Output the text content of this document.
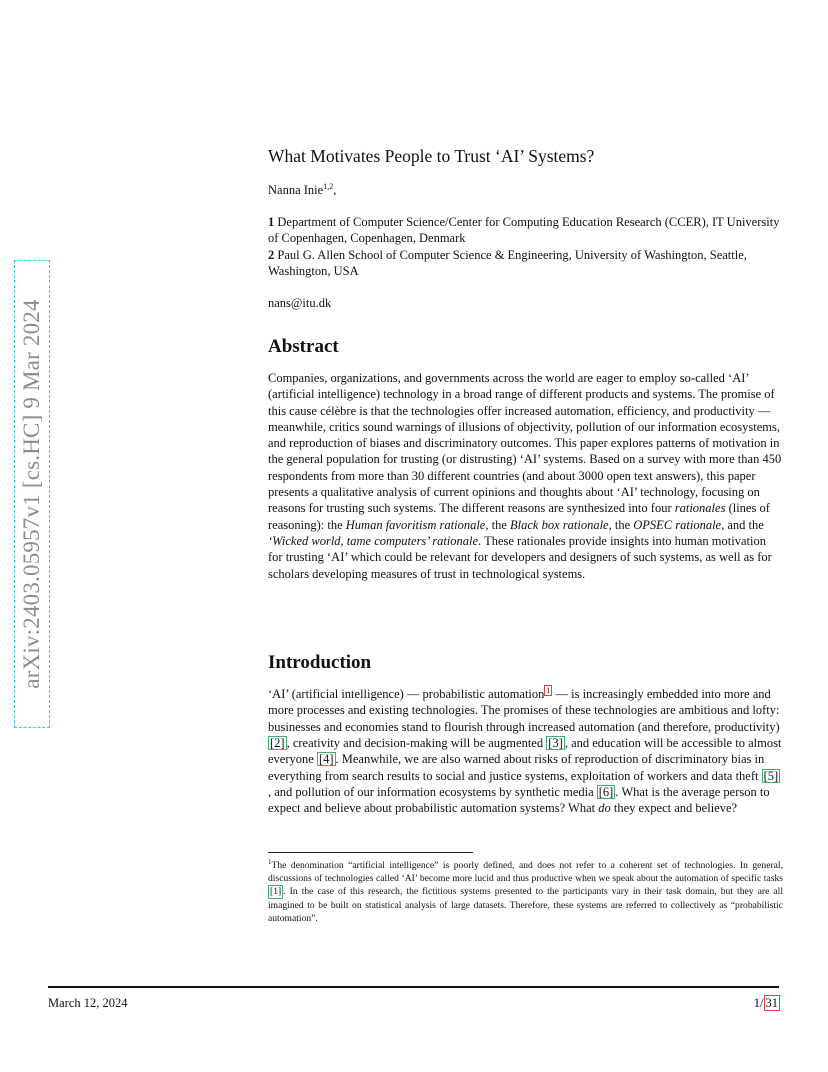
arXiv:2403.05957v1 [cs.HC] 9 Mar 2024
What Motivates People to Trust ‘AI’ Systems?
Nanna Inie$^{1,2}$,
1 Department of Computer Science/Center for Computing Education Research (CCER), IT University of Copenhagen, Copenhagen, Denmark
2 Paul G. Allen School of Computer Science & Engineering, University of Washington, Seattle, Washington, USA
nans@itu.dk
Abstract

Companies, organizations, and governments across the world are eager to employ so-called ‘AI’ (artificial intelligence) technology in a broad range of different products and systems. The promise of this cause célèbre is that the technologies offer increased automation, efficiency, and productivity — meanwhile, critics sound warnings of illusions of objectivity, pollution of our information ecosystems, and reproduction of biases and discriminatory outcomes. This paper explores patterns of motivation in the general population for trusting (or distrusting) ‘AI’ systems. Based on a survey with more than 450 respondents from more than 30 different countries (and about 3000 open text answers), this paper presents a qualitative analysis of current opinions and thoughts about ‘AI’ technology, focusing on reasons for trusting such systems. The different reasons are synthesized into four rationales (lines of reasoning): the Human favoritism rationale, the Black box rationale, the OPSEC rationale, and the ‘Wicked world, tame computers’ rationale. These rationales provide insights into human motivation for trusting ‘AI’ which could be relevant for developers and designers of such systems, as well as for scholars developing measures of trust in technological systems.

Introduction

‘AI’ (artificial intelligence) — probabilistic automation $^1$ — is increasingly embedded into more and more processes and existing technologies. The promises of these technologies are ambitious and lofty: businesses and economies stand to flourish through increased automation (and therefore, productivity) [2] , creativity and decision-making will be augmented [3] , and education will be accessible to almost everyone [4] . Meanwhile, we are also warned about risks of reproduction of discriminatory bias in everything from search results to social and justice systems, exploitation of workers and data theft [5], and pollution of our information ecosystems by synthetic media [6] . What is the average person to expect and believe about probabilistic automation systems? What do they expect and believe?

$^1$The denomination “artificial intelligence” is poorly defined, and does not refer to a coherent set of technologies. In general, discussions of technologies called ‘AI’ become more lucid and thus productive when we speak about the automation of specific tasks [1] . In the case of this research, the fictitious systems presented to the participants vary in their task domain, but they are all imagined to be built on statistical analysis of large datasets. Therefore, these systems are referred to collectively as “probabilistic automation”.

March 12, 2024	1/ 31
